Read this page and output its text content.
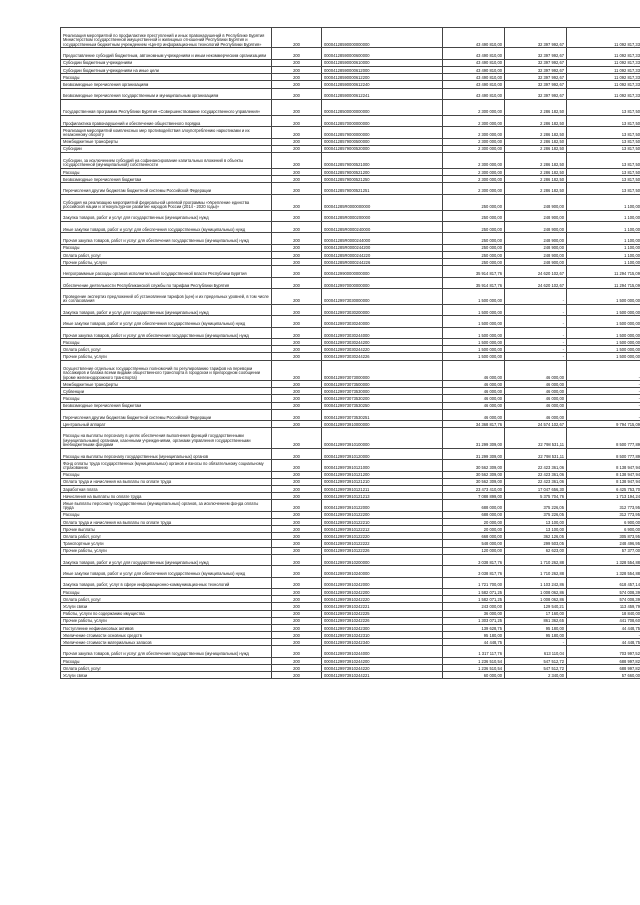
Реализация мероприятий по профилактике преступлений и иных правонарушений в Республике Бурятия Министерством государственной имущественной и жилищных отношений Республики Бурятия и государственным бюджетным учреждением «Центр информационных технологий Республики Бурятия»	200	00004128590000000000	43 490 810,00	32 397 992,67	11 092 817,33
Предоставление субсидий бюджетным, автономным учреждениям и иным некоммерческим организациям	200	00004128590000600000	43 490 810,00	32 397 992,67	11 092 817,33
Субсидии бюджетным учреждениям	200	00004128590000610000	43 490 810,00	32 397 992,67	11 092 817,33
Субсидии бюджетным учреждениям на иные цели	200	00004128590000612000	43 490 810,00	32 397 992,67	11 092 817,33
Расходы	200	00004128590000612200	43 490 810,00	32 397 992,67	11 092 817,33
Безвозмездные перечисления организациям	200	00004128590000612240	43 490 810,00	32 397 992,67	11 092 817,33
Безвозмездные перечисления государственным и муниципальным организациям	200	00004128590000612241	43 490 810,00	32 397 992,67	11 092 817,33
Государственная программа Республики Бурятия «Совершенствование государственного управления»	200	00004128500000000000	2 300 000,00	2 286 182,50	13 817,50
Профилактика правонарушений и обеспечение общественного порядка	200	00004128570000000000	2 300 000,00	2 286 182,50	13 817,50
Реализация мероприятий комплексных мер противодействия злоупотреблению наркотиками и их незаконному обороту	200	00004128579000000000	2 300 000,00	2 286 182,50	13 817,50
Межбюджетные трансферты	200	00004128579000500000	2 300 000,00	2 286 182,50	13 817,50
Субсидии	200	00004128579000520000	2 300 000,00	2 286 182,50	13 817,50
Субсидии, за исключением субсидий на софинансирование капитальных вложений в объекты государственной (муниципальной) собственности	200	00004128579000521000	2 300 000,00	2 286 182,50	13 817,50
Расходы	200	00004128579000521200	2 300 000,00	2 286 182,50	13 817,50
Безвозмездные перечисления бюджетам	200	00004128579000521250	2 300 000,00	2 286 182,50	13 817,50
Перечисления другим бюджетам бюджетной системы Российской Федерации	200	00004128579000521251	2 300 000,00	2 286 182,50	13 817,50
Субсидия на реализацию мероприятий федеральной целевой программы «Укрепление единства российской нации и этнокультурное развитие народов России (2014 - 2020 годы)»	200	000041285R0000000000	250 000,00	248 900,00	1 100,00
Закупка товаров, работ и услуг для государственных (муниципальных) нужд	200	000041285R0000200000	250 000,00	248 900,00	1 100,00
Иные закупки товаров, работ и услуг для обеспечения государственных (муниципальных) нужд	200	000041285R0000240000	250 000,00	248 900,00	1 100,00
Прочая закупка товаров, работ и услуг для обеспечения государственных (муниципальных) нужд	200	000041285R0000244000	250 000,00	248 900,00	1 100,00
Расходы	200	000041285R0000244200	250 000,00	248 900,00	1 100,00
Оплата работ, услуг	200	000041285R0000244220	250 000,00	248 900,00	1 100,00
Прочие работы, услуги	200	000041285R0000244226	250 000,00	248 900,00	1 100,00
Непрограммные расходы органов исполнительной государственной власти Республики Бурятия	200	00004129900000000000	35 914 817,76	24 620 102,67	11 294 715,09
Обеспечение деятельности Республиканской службы по тарифам Республики Бурятия	200	00004129970000000000	35 914 817,76	24 620 102,67	11 294 715,09
Проведение экспертиз предложений об установлении тарифов (цен) и их предельных уровней, в том числе их согласования	200	00004129973030000000	1 500 000,00	-	1 500 000,00
Закупка товаров, работ и услуг для государственных (муниципальных) нужд	200	00004129973030200000	1 500 000,00	-	1 500 000,00
Иные закупки товаров, работ и услуг для обеспечения государственных (муниципальных) нужд	200	00004129973030240000	1 500 000,00	-	1 500 000,00
Прочая закупка товаров, работ и услуг для обеспечения государственных (муниципальных) нужд	200	00004129973030244000	1 500 000,00	-	1 500 000,00
Расходы	200	00004129973030244200	1 500 000,00	-	1 500 000,00
Оплата работ, услуг	200	00004129973030244220	1 500 000,00	-	1 500 000,00
Прочие работы, услуги	200	00004129973030244226	1 500 000,00	-	1 500 000,00
Осуществление отдельных государственных полномочий по регулированию тарифов на перевозки пассажиров и багажа всеми видами общественного транспорта в городском и пригородном сообщении (кроме железнодорожного транспорта)	200	00004129973073000000	46 000,00	46 000,00	-
Межбюджетные трансферты	200	00004129973073500000	46 000,00	46 000,00	-
Субвенции	200	00004129973073530000	46 000,00	46 000,00	-
Расходы	200	00004129973073530200	46 000,00	46 000,00	-
Безвозмездные перечисления бюджетам	200	00004129973073530250	46 000,00	46 000,00	-
Перечисления другим бюджетам бюджетной системы Российской Федерации	200	00004129973073530251	46 000,00	46 000,00	-
Центральный аппарат	200	00004129973910000000	34 368 817,76	24 574 102,67	9 794 715,09
Расходы на выплаты персоналу в целях обеспечения выполнения функций государственными (муниципальными) органами, казенными учреждениями, органами управления государственными внебюджетными фондами	200	00004129973910100000	31 299 309,00	22 798 531,11	8 500 777,89
Расходы на выплаты персоналу государственных (муниципальных) органов	200	00004129973910120000	31 299 309,00	22 798 531,11	8 500 777,89
Фонд оплаты труда государственных (муниципальных) органов и взносы по обязательному социальному страхованию	200	00004129973910121000	30 562 309,00	22 423 361,06	8 138 947,94
Расходы	200	00004129973910121200	30 562 309,00	22 423 361,06	8 138 947,94
Оплата труда и начисления на выплаты по оплате труда	200	00004129973910121210	30 562 309,00	22 423 361,06	8 138 947,94
Заработная плата	200	00004129973910121211	23 473 410,00	17 047 656,30	6 425 753,70
Начисления на выплаты по оплате труда	200	00004129973910121213	7 088 899,00	5 375 704,76	1 713 194,24
Иные выплаты персоналу государственных (муниципальных) органов, за исключением фонда оплаты труда	200	00004129973910122000	688 000,00	375 226,05	312 773,95
Расходы	200	00004129973910122200	688 000,00	375 226,05	312 773,95
Оплата труда и начисления на выплаты по оплате труда	200	00004129973910122210	20 000,00	13 100,00	6 900,00
Прочие выплаты	200	00004129973910122212	20 000,00	13 100,00	6 900,00
Оплата работ, услуг	200	00004129973910122220	668 000,00	362 126,05	305 873,95
Транспортные услуги	200	00004129973910122222	548 000,00	299 503,05	248 496,95
Прочие работы, услуги	200	00004129973910122226	120 000,00	62 623,00	57 377,00
Закупка товаров, работ и услуг для государственных (муниципальных) нужд	200	00004129973910200000	3 038 817,76	1 710 262,88	1 328 554,88
Иные закупки товаров, работ и услуг для обеспечения государственных (муниципальных) нужд	200	00004129973910240000	3 038 817,76	1 710 262,88	1 328 554,88
Закупка товаров, работ, услуг в сфере информационно-коммуникационных технологий	200	00004129973910242000	1 721 700,00	1 103 242,86	618 457,14
Расходы	200	00004129973910242200	1 582 071,25	1 008 062,86	574 008,39
Оплата работ, услуг	200	00004129973910242220	1 582 071,25	1 008 062,86	574 008,39
Услуги связи	200	00004129973910242221	243 000,00	129 540,21	113 459,79
Работы, услуги по содержанию имущества	200	00004129973910242225	36 000,00	17 160,00	18 840,00
Прочие работы, услуги	200	00004129973910242226	1 303 071,25	861 362,65	441 708,60
Поступление нефинансовых активов	200	00004129973910242300	139 628,75	95 180,00	44 448,75
Увеличение стоимости основных средств	200	00004129973910242310	95 180,00	95 180,00	-
Увеличение стоимости материальных запасов	200	00004129973910242340	44 448,75	-	44 448,75
Прочая закупка товаров, работ и услуг для обеспечения государственных (муниципальных) нужд	200	00004129973910244000	1 317 117,76	613 110,04	703 997,52
Расходы	200	00004129973910244200	1 236 510,54	547 512,72	688 997,82
Оплата работ, услуг	200	00004129973910244220	1 236 510,54	547 512,72	688 997,82
Услуги связи	200	00004129973910244221	60 000,00	2 340,00	57 660,00
